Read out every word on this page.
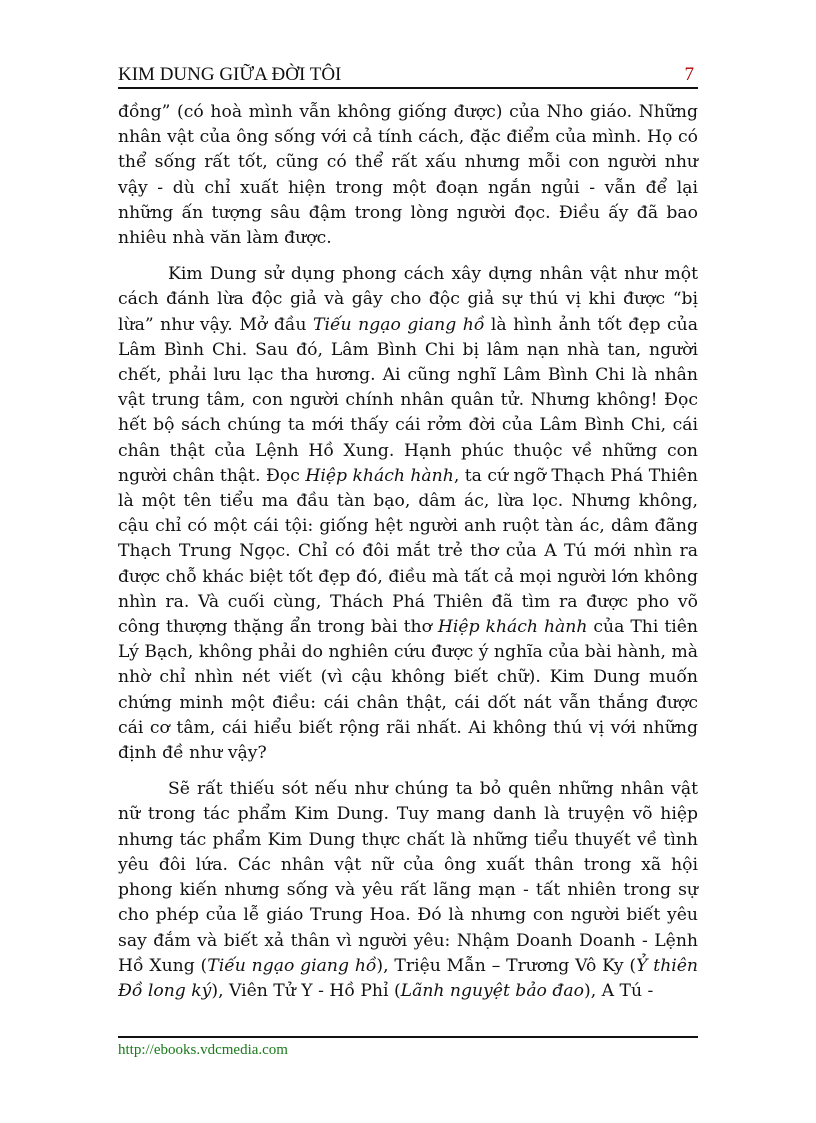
KIM DUNG GIỮA ĐỜI TÔI	7

đồng” (có hoà mình vẫn không giống được) của Nho giáo. Những nhân vật của ông sống với cả tính cách, đặc điểm của mình. Họ có thể sống rất tốt, cũng có thể rất xấu nhưng mỗi con người như vậy - dù chỉ xuất hiện trong một đoạn ngắn ngủi - vẫn để lại những ấn tượng sâu đậm trong lòng người đọc. Điều ấy đã bao nhiêu nhà văn làm được.

Kim Dung sử dụng phong cách xây dựng nhân vật như một cách đánh lừa độc giả và gây cho độc giả sự thú vị khi được “bị lừa” như vậy. Mở đầu Tiếu ngạo giang hồ là hình ảnh tốt đẹp của Lâm Bình Chi. Sau đó, Lâm Bình Chi bị lâm nạn nhà tan, người chết, phải lưu lạc tha hương. Ai cũng nghĩ Lâm Bình Chi là nhân vật trung tâm, con người chính nhân quân tử. Nhưng không! Đọc hết bộ sách chúng ta mới thấy cái rởm đời của Lâm Bình Chi, cái chân thật của Lệnh Hồ Xung. Hạnh phúc thuộc về những con người chân thật. Đọc Hiệp khách hành, ta cứ ngỡ Thạch Phá Thiên là một tên tiểu ma đầu tàn bạo, dâm ác, lừa lọc. Nhưng không, cậu chỉ có một cái tội: giống hệt người anh ruột tàn ác, dâm đãng Thạch Trung Ngọc. Chỉ có đôi mắt trẻ thơ của A Tú mới nhìn ra được chỗ khác biệt tốt đẹp đó, điều mà tất cả mọi người lớn không nhìn ra. Và cuối cùng, Thách Phá Thiên đã tìm ra được pho võ công thượng thặng ẩn trong bài thơ Hiệp khách hành của Thi tiên Lý Bạch, không phải do nghiên cứu được ý nghĩa của bài hành, mà nhờ chỉ nhìn nét viết (vì cậu không biết chữ). Kim Dung muốn chứng minh một điều: cái chân thật, cái dốt nát vẫn thắng được cái cơ tâm, cái hiểu biết rộng rãi nhất. Ai không thú vị với những định đề như vậy?

Sẽ rất thiếu sót nếu như chúng ta bỏ quên những nhân vật nữ trong tác phẩm Kim Dung. Tuy mang danh là truyện võ hiệp nhưng tác phẩm Kim Dung thực chất là những tiểu thuyết về tình yêu đôi lứa. Các nhân vật nữ của ông xuất thân trong xã hội phong kiến nhưng sống và yêu rất lãng mạn - tất nhiên trong sự cho phép của lễ giáo Trung Hoa. Đó là nhưng con người biết yêu say đắm và biết xả thân vì người yêu: Nhậm Doanh Doanh - Lệnh Hồ Xung (Tiếu ngạo giang hồ), Triệu Mẫn – Trương Vô Ky (Ỷ thiên Đồ long ký), Viên Tử Y - Hồ Phỉ (Lãnh nguyệt bảo đao), A Tú -

http://ebooks.vdcmedia.com
